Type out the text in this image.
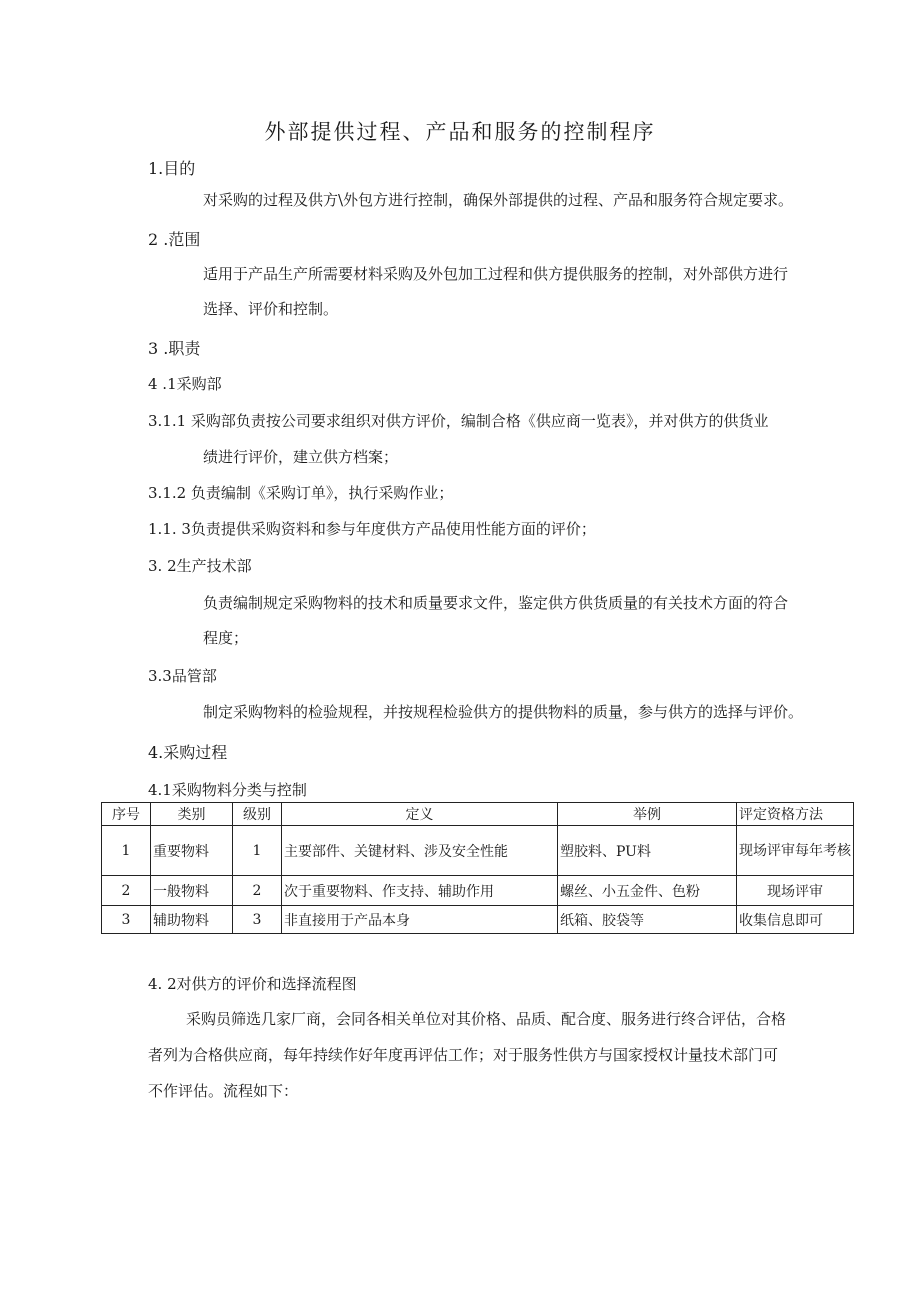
外部提供过程、产品和服务的控制程序
1.目的
对采购的过程及供方\外包方进行控制，确保外部提供的过程、产品和服务符合规定要求。
2 .范围
适用于产品生产所需要材料采购及外包加工过程和供方提供服务的控制，对外部供方进行
选择、评价和控制。
3 .职责
4 .1采购部
3.1.1 采购部负责按公司要求组织对供方评价，编制合格《供应商一览表》，并对供方的供货业
绩进行评价，建立供方档案；
3.1.2 负责编制《采购订单》，执行采购作业；
1.1. 3负责提供采购资料和参与年度供方产品使用性能方面的评价；
3. 2生产技术部
负责编制规定采购物料的技术和质量要求文件，鉴定供方供货质量的有关技术方面的符合
程度；
3.3品管部
制定采购物料的检验规程，并按规程检验供方的提供物料的质量，参与供方的选择与评价。
4.采购过程
4.1采购物料分类与控制
序号	类别	级别	定义	举例	评定资格方法
1	重要物料	1	主要部件、关键材料、涉及安全性能	塑胶料、PU料	现场评审每年考核
2	一般物料	2	次于重要物料、作支持、辅助作用	螺丝、小五金件、色粉	现场评审
3	辅助物料	3	非直接用于产品本身	纸箱、胶袋等	收集信息即可
4. 2对供方的评价和选择流程图
采购员筛选几家厂商，会同各相关单位对其价格、品质、配合度、服务进行终合评估，合格
者列为合格供应商，每年持续作好年度再评估工作；对于服务性供方与国家授权计量技术部门可
不作评估。流程如下：
